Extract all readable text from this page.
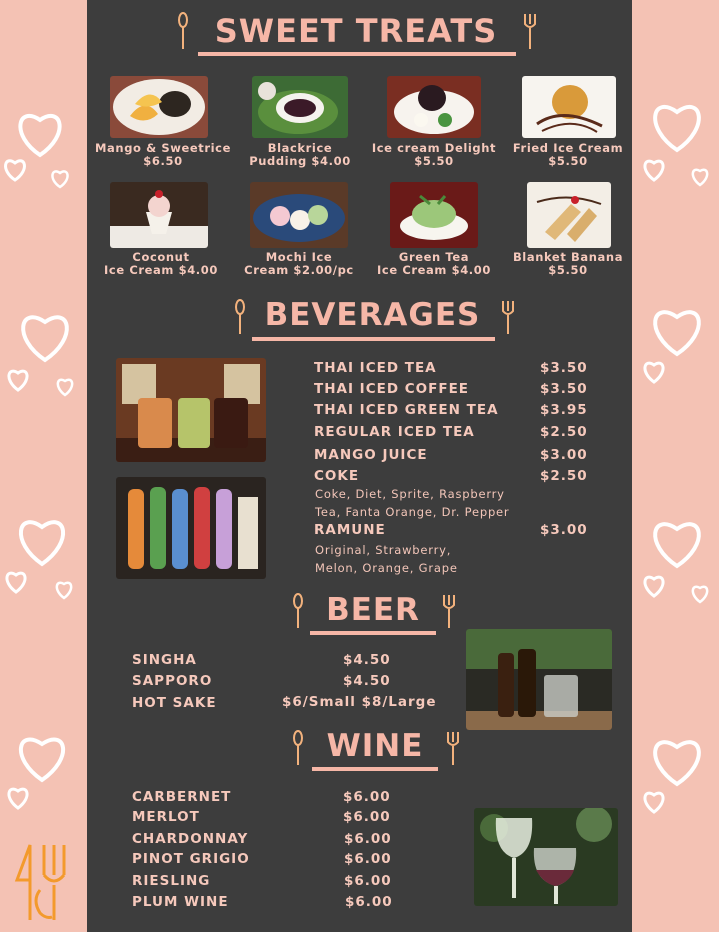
SWEET TREATS
Mango & Sweetrice
$6.50
Blackrice
Pudding $4.00
Ice cream Delight
$5.50
Fried Ice Cream
$5.50
Coconut
Ice Cream $4.00
Mochi Ice
Cream $2.00/pc
Green Tea
Ice Cream $4.00
Blanket Banana
$5.50
BEVERAGES
THAI ICED TEA	$3.50
THAI ICED COFFEE	$3.50
THAI ICED GREEN TEA	$3.95
REGULAR ICED TEA	$2.50
MANGO JUICE	$3.00
COKE	$2.50
Coke, Diet, Sprite, Raspberry
Tea, Fanta Orange, Dr. Pepper
RAMUNE	$3.00
Original, Strawberry,
Melon, Orange, Grape
BEER
SINGHA	$4.50
SAPPORO	$4.50
HOT SAKE	$6/Small $8/Large
WINE
CARBERNET	$6.00
MERLOT	$6.00
CHARDONNAY	$6.00
PINOT GRIGIO	$6.00
RIESLING	$6.00
PLUM WINE	$6.00
